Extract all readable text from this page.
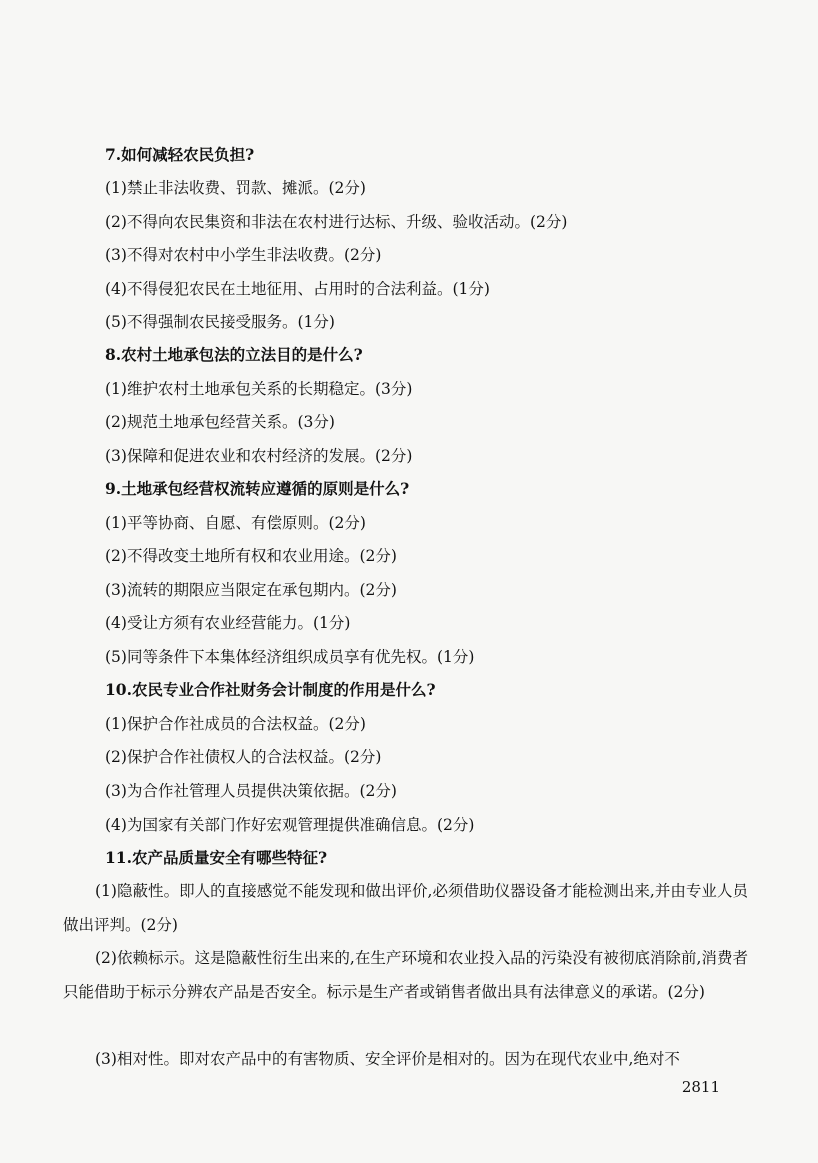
7.如何减轻农民负担?
(1)禁止非法收费、罚款、摊派。(2分)
(2)不得向农民集资和非法在农村进行达标、升级、验收活动。(2分)
(3)不得对农村中小学生非法收费。(2分)
(4)不得侵犯农民在土地征用、占用时的合法利益。(1分)
(5)不得强制农民接受服务。(1分)
8.农村土地承包法的立法目的是什么?
(1)维护农村土地承包关系的长期稳定。(3分)
(2)规范土地承包经营关系。(3分)
(3)保障和促进农业和农村经济的发展。(2分)
9.土地承包经营权流转应遵循的原则是什么?
(1)平等协商、自愿、有偿原则。(2分)
(2)不得改变土地所有权和农业用途。(2分)
(3)流转的期限应当限定在承包期内。(2分)
(4)受让方须有农业经营能力。(1分)
(5)同等条件下本集体经济组织成员享有优先权。(1分)
10.农民专业合作社财务会计制度的作用是什么?
(1)保护合作社成员的合法权益。(2分)
(2)保护合作社债权人的合法权益。(2分)
(3)为合作社管理人员提供决策依据。(2分)
(4)为国家有关部门作好宏观管理提供准确信息。(2分)
11.农产品质量安全有哪些特征?
(1)隐蔽性。即人的直接感觉不能发现和做出评价,必须借助仪器设备才能检测出来,并由专业人员做出评判。(2分)
(2)依赖标示。这是隐蔽性衍生出来的,在生产环境和农业投入品的污染没有被彻底消除前,消费者只能借助于标示分辨农产品是否安全。标示是生产者或销售者做出具有法律意义的承诺。(2分)
(3)相对性。即对农产品中的有害物质、安全评价是相对的。因为在现代农业中,绝对不
2811
